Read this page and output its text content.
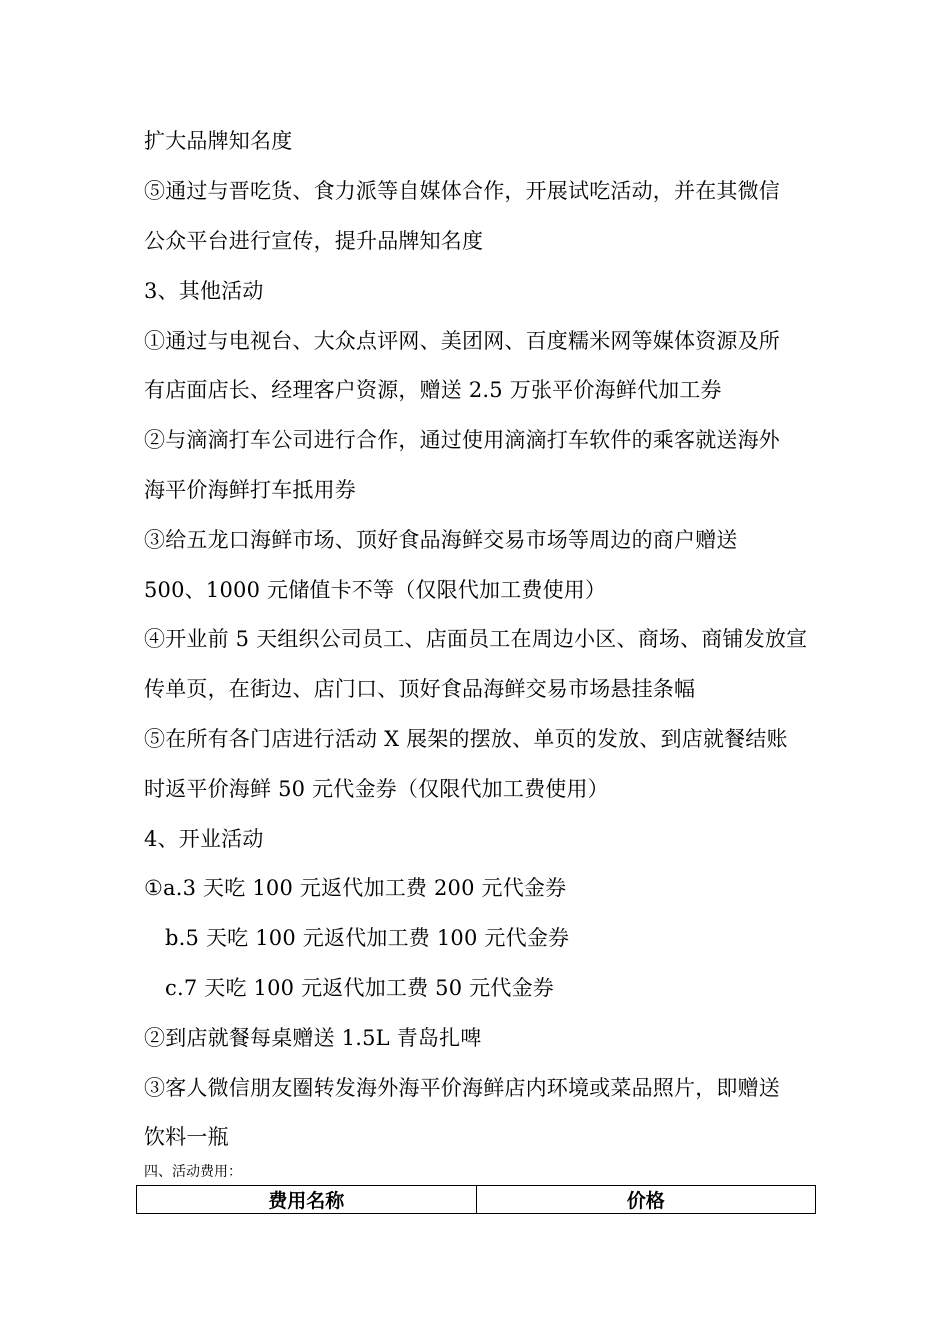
扩大品牌知名度
⑤通过与晋吃货、食力派等自媒体合作，开展试吃活动，并在其微信
公众平台进行宣传，提升品牌知名度
3、其他活动
①通过与电视台、大众点评网、美团网、百度糯米网等媒体资源及所
有店面店长、经理客户资源，赠送 2.5 万张平价海鲜代加工券
②与滴滴打车公司进行合作，通过使用滴滴打车软件的乘客就送海外
海平价海鲜打车抵用券
③给五龙口海鲜市场、顶好食品海鲜交易市场等周边的商户赠送
500、1000 元储值卡不等（仅限代加工费使用）
④开业前 5 天组织公司员工、店面员工在周边小区、商场、商铺发放宣
传单页，在街边、店门口、顶好食品海鲜交易市场悬挂条幅
⑤在所有各门店进行活动 X 展架的摆放、单页的发放、到店就餐结账
时返平价海鲜 50 元代金券（仅限代加工费使用）
4、开业活动
①a.3 天吃 100 元返代加工费 200 元代金券
b.5 天吃 100 元返代加工费 100 元代金券
c.7 天吃 100 元返代加工费 50 元代金券
②到店就餐每桌赠送 1.5L 青岛扎啤
③客人微信朋友圈转发海外海平价海鲜店内环境或菜品照片，即赠送
饮料一瓶
四、活动费用：
费用名称	价格
